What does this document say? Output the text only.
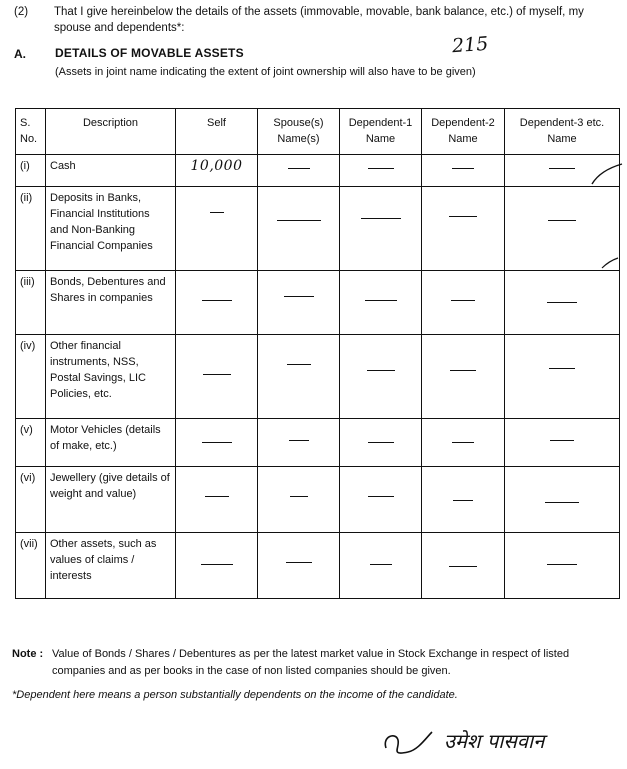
(2) That I give hereinbelow the details of the assets (immovable, movable, bank balance, etc.) of myself, my spouse and dependents*:
215
A. DETAILS OF MOVABLE ASSETS
(Assets in joint name indicating the extent of joint ownership will also have to be given)
S. No.	Description	Self	Spouse(s) Name(s)	Dependent-1 Name	Dependent-2 Name	Dependent-3 etc. Name
(i)	Cash	10,000				
(ii)	Deposits in Banks, Financial Institutions and Non-Banking Financial Companies					
(iii)	Bonds, Debentures and Shares in companies					
(iv)	Other financial instruments, NSS, Postal Savings, LIC Policies, etc.					
(v)	Motor Vehicles (details of make, etc.)					
(vi)	Jewellery (give details of weight and value)					
(vii)	Other assets, such as values of claims / interests					
Note : Value of Bonds / Shares / Debentures as per the latest market value in Stock Exchange in respect of listed companies and as per books in the case of non listed companies should be given.
*Dependent here means a person substantially dependents on the income of the candidate.
उमेश पासवान
